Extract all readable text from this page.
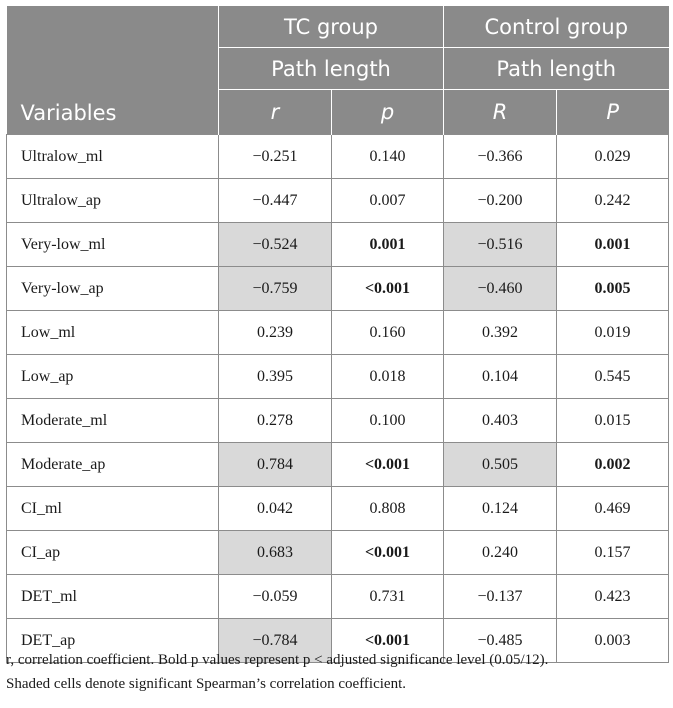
Variables	TC group		Control group	
	Path length		Path length	
	r	p	R	P
Ultralow_ml	−0.251	0.140	−0.366	0.029
Ultralow_ap	−0.447	0.007	−0.200	0.242
Very-low_ml	−0.524	0.001	−0.516	0.001
Very-low_ap	−0.759	<0.001	−0.460	0.005
Low_ml	0.239	0.160	0.392	0.019
Low_ap	0.395	0.018	0.104	0.545
Moderate_ml	0.278	0.100	0.403	0.015
Moderate_ap	0.784	<0.001	0.505	0.002
CI_ml	0.042	0.808	0.124	0.469
CI_ap	0.683	<0.001	0.240	0.157
DET_ml	−0.059	0.731	−0.137	0.423
DET_ap	−0.784	<0.001	−0.485	0.003

r, correlation coefficient. Bold p values represent p < adjusted significance level (0.05/12).

Shaded cells denote significant Spearman’s correlation coefficient.
